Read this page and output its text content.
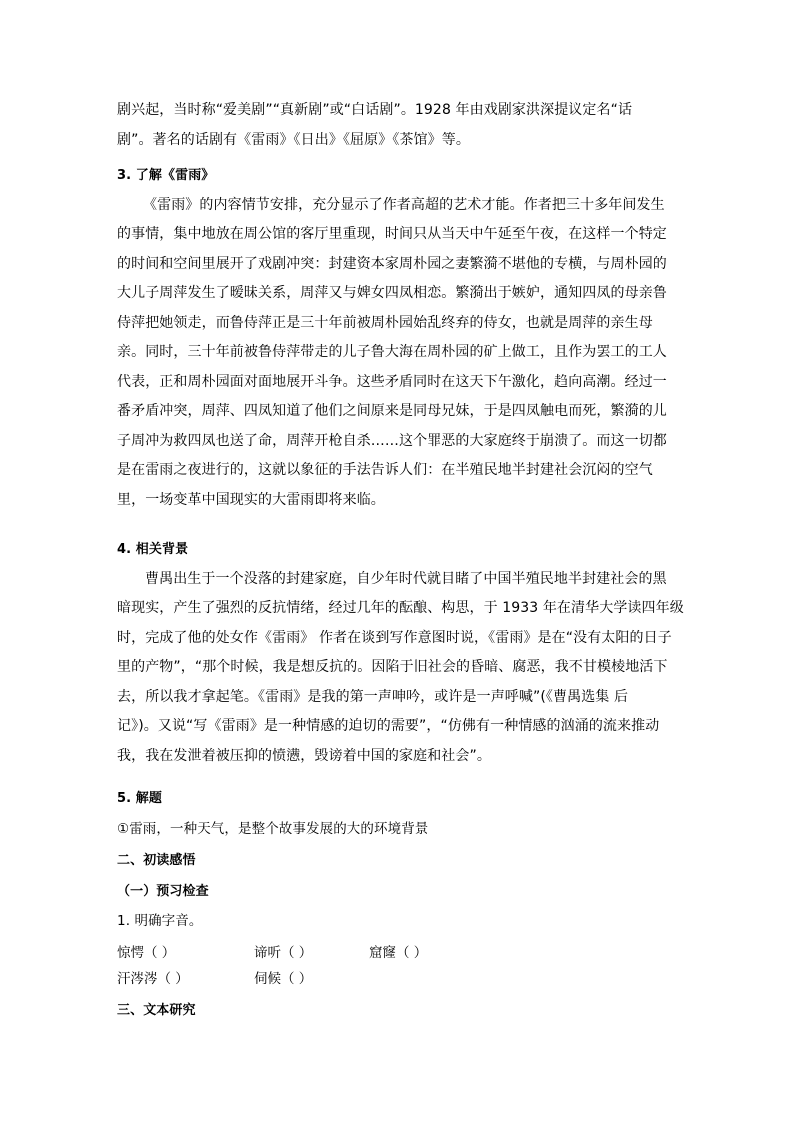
剧兴起，当时称“爱美剧”“真新剧”或“白话剧”。1928 年由戏剧家洪深提议定名“话
剧”。著名的话剧有《雷雨》《日出》《屈原》《茶馆》等。
3. 了解《雷雨》
《雷雨》的内容情节安排，充分显示了作者高超的艺术才能。作者把三十多年间发生
的事情，集中地放在周公馆的客厅里重现，时间只从当天中午延至午夜，在这样一个特定
的时间和空间里展开了戏剧冲突：封建资本家周朴园之妻繁漪不堪他的专横，与周朴园的
大儿子周萍发生了暧昧关系，周萍又与婢女四凤相恋。繁漪出于嫉妒，通知四凤的母亲鲁
侍萍把她领走，而鲁侍萍正是三十年前被周朴园始乱终弃的侍女，也就是周萍的亲生母
亲。同时，三十年前被鲁侍萍带走的儿子鲁大海在周朴园的矿上做工，且作为罢工的工人
代表，正和周朴园面对面地展开斗争。这些矛盾同时在这天下午激化，趋向高潮。经过一
番矛盾冲突，周萍、四凤知道了他们之间原来是同母兄妹，于是四凤触电而死，繁漪的儿
子周冲为救四凤也送了命，周萍开枪自杀……这个罪恶的大家庭终于崩溃了。而这一切都
是在雷雨之夜进行的，这就以象征的手法告诉人们：在半殖民地半封建社会沉闷的空气
里，一场变革中国现实的大雷雨即将来临。
4. 相关背景
曹禺出生于一个没落的封建家庭，自少年时代就目睹了中国半殖民地半封建社会的黑
暗现实，产生了强烈的反抗情绪，经过几年的酝酿、构思，于 1933 年在清华大学读四年级
时，完成了他的处女作《雷雨》 作者在谈到写作意图时说，《雷雨》是在“没有太阳的日子
里的产物”，“那个时候，我是想反抗的。因陷于旧社会的昏暗、腐恶，我不甘模棱地活下
去，所以我才拿起笔。《雷雨》是我的第一声呻吟，或许是一声呼喊”(《曹禺选集 后
记》)。又说“写《雷雨》是一种情感的迫切的需要”，“仿佛有一种情感的汹涌的流来推动
我，我在发泄着被压抑的愤懑，毁谤着中国的家庭和社会”。
5. 解题
①雷雨，一种天气，是整个故事发展的大的环境背景
二、初读感悟
（一）预习检查
1. 明确字音。
惊愕（ ）	谛听（ ）	窟窿（ ）
汗涔涔（ ）	伺候（ ）
三、文本研究
